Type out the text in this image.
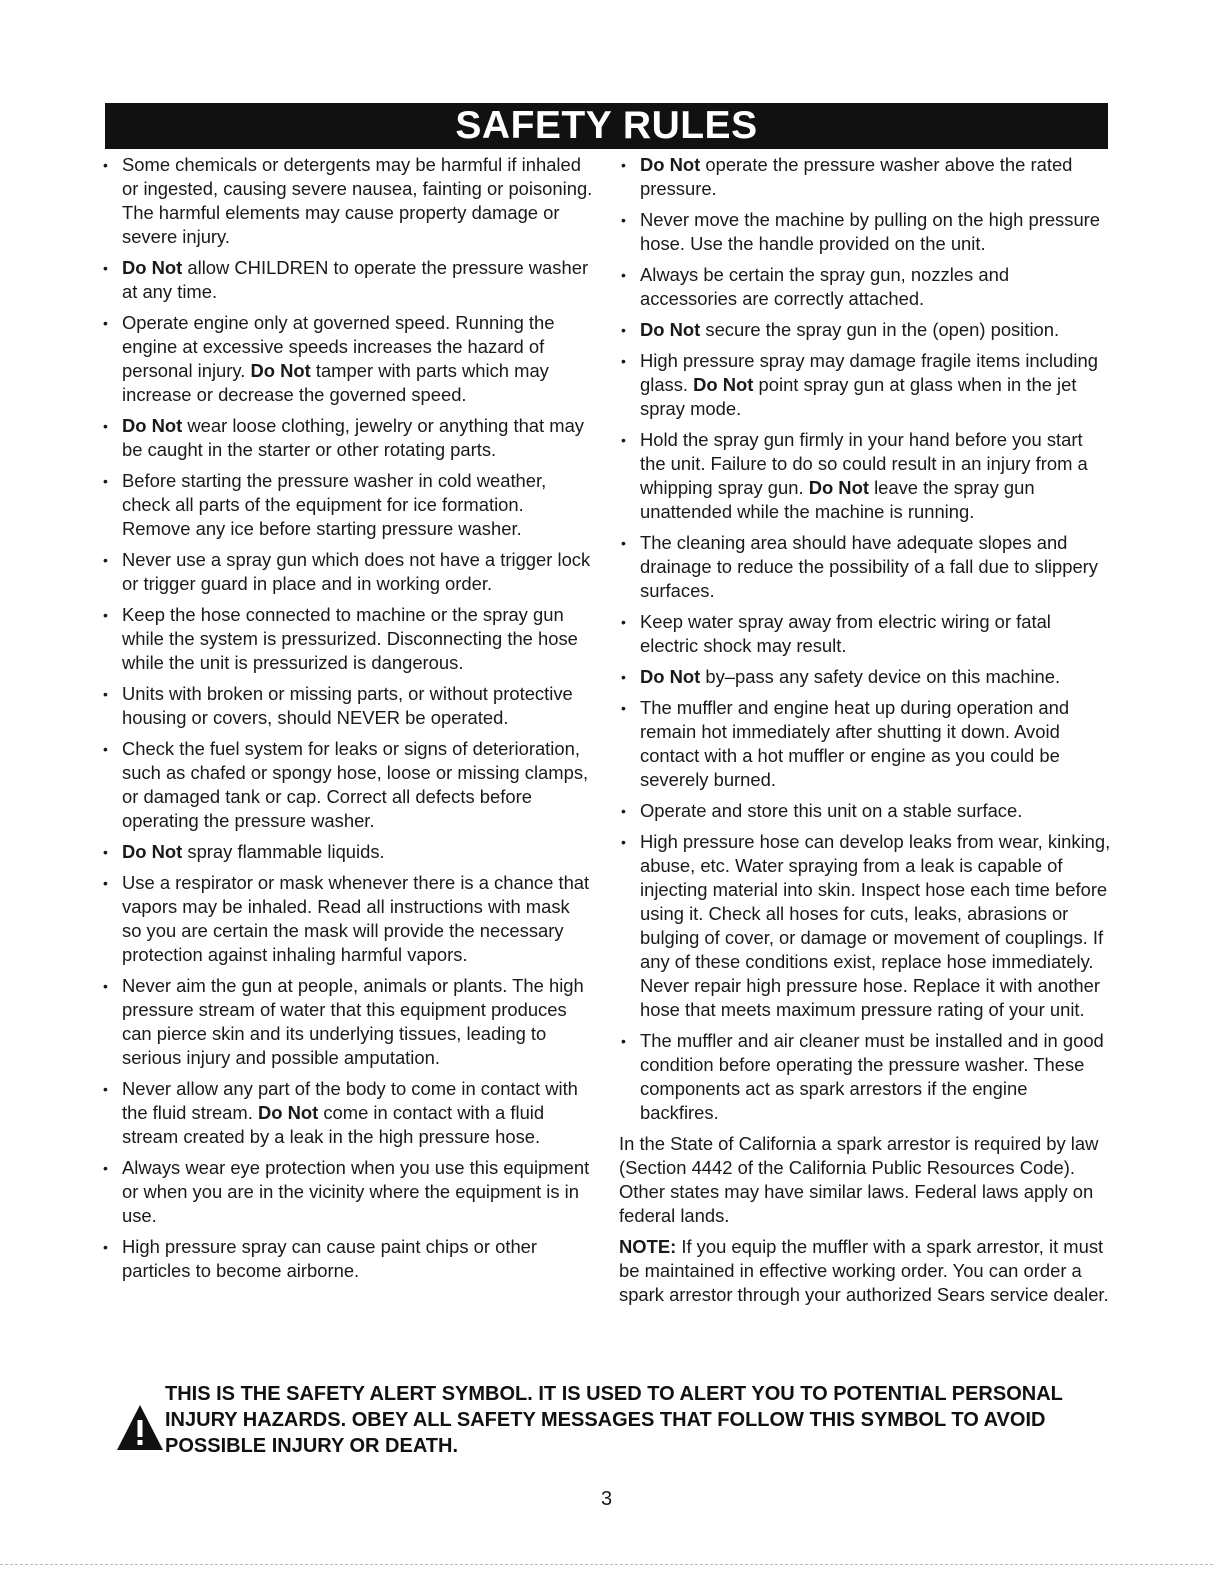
SAFETY RULES
• Some chemicals or detergents may be harmful if inhaled or ingested, causing severe nausea, fainting or poisoning. The harmful elements may cause property damage or severe injury.
• Do Not allow CHILDREN to operate the pressure washer at any time.
• Operate engine only at governed speed. Running the engine at excessive speeds increases the hazard of personal injury. Do Not tamper with parts which may increase or decrease the governed speed.
• Do Not wear loose clothing, jewelry or anything that may be caught in the starter or other rotating parts.
• Before starting the pressure washer in cold weather, check all parts of the equipment for ice formation. Remove any ice before starting pressure washer.
• Never use a spray gun which does not have a trigger lock or trigger guard in place and in working order.
• Keep the hose connected to machine or the spray gun while the system is pressurized. Disconnecting the hose while the unit is pressurized is dangerous.
• Units with broken or missing parts, or without protective housing or covers, should NEVER be operated.
• Check the fuel system for leaks or signs of deterioration, such as chafed or spongy hose, loose or missing clamps, or damaged tank or cap. Correct all defects before operating the pressure washer.
• Do Not spray flammable liquids.
• Use a respirator or mask whenever there is a chance that vapors may be inhaled. Read all instructions with mask so you are certain the mask will provide the necessary protection against inhaling harmful vapors.
• Never aim the gun at people, animals or plants. The high pressure stream of water that this equipment produces can pierce skin and its underlying tissues, leading to serious injury and possible amputation.
• Never allow any part of the body to come in contact with the fluid stream. Do Not come in contact with a fluid stream created by a leak in the high pressure hose.
• Always wear eye protection when you use this equipment or when you are in the vicinity where the equipment is in use.
• High pressure spray can cause paint chips or other particles to become airborne.
• Do Not operate the pressure washer above the rated pressure.
• Never move the machine by pulling on the high pressure hose. Use the handle provided on the unit.
• Always be certain the spray gun, nozzles and accessories are correctly attached.
• Do Not secure the spray gun in the (open) position.
• High pressure spray may damage fragile items including glass. Do Not point spray gun at glass when in the jet spray mode.
• Hold the spray gun firmly in your hand before you start the unit. Failure to do so could result in an injury from a whipping spray gun. Do Not leave the spray gun unattended while the machine is running.
• The cleaning area should have adequate slopes and drainage to reduce the possibility of a fall due to slippery surfaces.
• Keep water spray away from electric wiring or fatal electric shock may result.
• Do Not by–pass any safety device on this machine.
• The muffler and engine heat up during operation and remain hot immediately after shutting it down. Avoid contact with a hot muffler or engine as you could be severely burned.
• Operate and store this unit on a stable surface.
• High pressure hose can develop leaks from wear, kinking, abuse, etc. Water spraying from a leak is capable of injecting material into skin. Inspect hose each time before using it. Check all hoses for cuts, leaks, abrasions or bulging of cover, or damage or movement of couplings. If any of these conditions exist, replace hose immediately. Never repair high pressure hose. Replace it with another hose that meets maximum pressure rating of your unit.
• The muffler and air cleaner must be installed and in good condition before operating the pressure washer. These components act as spark arrestors if the engine backfires.

In the State of California a spark arrestor is required by law (Section 4442 of the California Public Resources Code). Other states may have similar laws. Federal laws apply on federal lands.

NOTE: If you equip the muffler with a spark arrestor, it must be maintained in effective working order. You can order a spark arrestor through your authorized Sears service dealer.

THIS IS THE SAFETY ALERT SYMBOL. IT IS USED TO ALERT YOU TO POTENTIAL PERSONAL INJURY HAZARDS. OBEY ALL SAFETY MESSAGES THAT FOLLOW THIS SYMBOL TO AVOID POSSIBLE INJURY OR DEATH.
3
